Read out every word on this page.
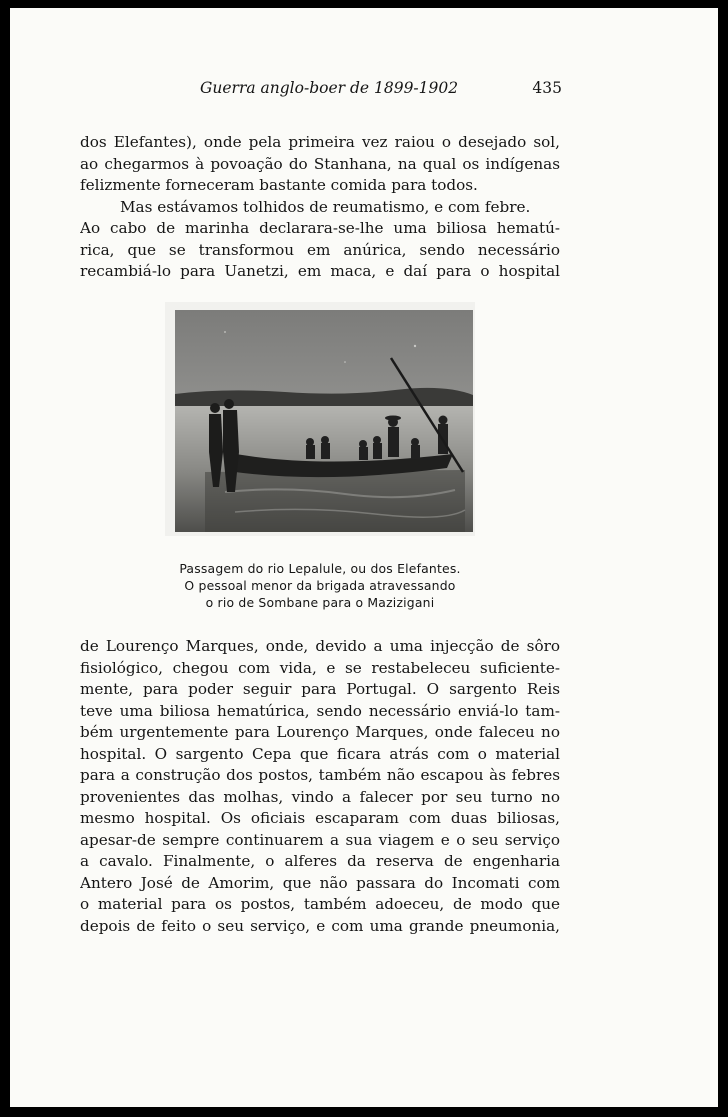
Guerra anglo-boer de 1899-1902	435

dos Elefantes), onde pela primeira vez raiou o desejado sol,
ao chegarmos à povoação do Stanhana, na qual os indígenas
felizmente forneceram bastante comida para todos.

Mas estávamos tolhidos de reumatismo, e com febre.
Ao cabo de marinha declarara-se-lhe uma biliosa hematú-
rica, que se transformou em anúrica, sendo necessário
recambiá-lo para Uanetzi, em maca, e daí para o hospital

Passagem do rio Lepalule, ou dos Elefantes.
O pessoal menor da brigada atravessando
o rio de Sombane para o Mazizigani

de Lourenço Marques, onde, devido a uma injecção de sôro
fisiológico, chegou com vida, e se restabeleceu suficiente-
mente, para poder seguir para Portugal. O sargento Reis
teve uma biliosa hematúrica, sendo necessário enviá-lo tam-
bém urgentemente para Lourenço Marques, onde faleceu no
hospital. O sargento Cepa que ficara atrás com o material
para a construção dos postos, também não escapou às febres
provenientes das molhas, vindo a falecer por seu turno no
mesmo hospital. Os oficiais escaparam com duas biliosas,
apesar-de sempre continuarem a sua viagem e o seu serviço
a cavalo. Finalmente, o alferes da reserva de engenharia
Antero José de Amorim, que não passara do Incomati com
o material para os postos, também adoeceu, de modo que
depois de feito o seu serviço, e com uma grande pneumonia,
